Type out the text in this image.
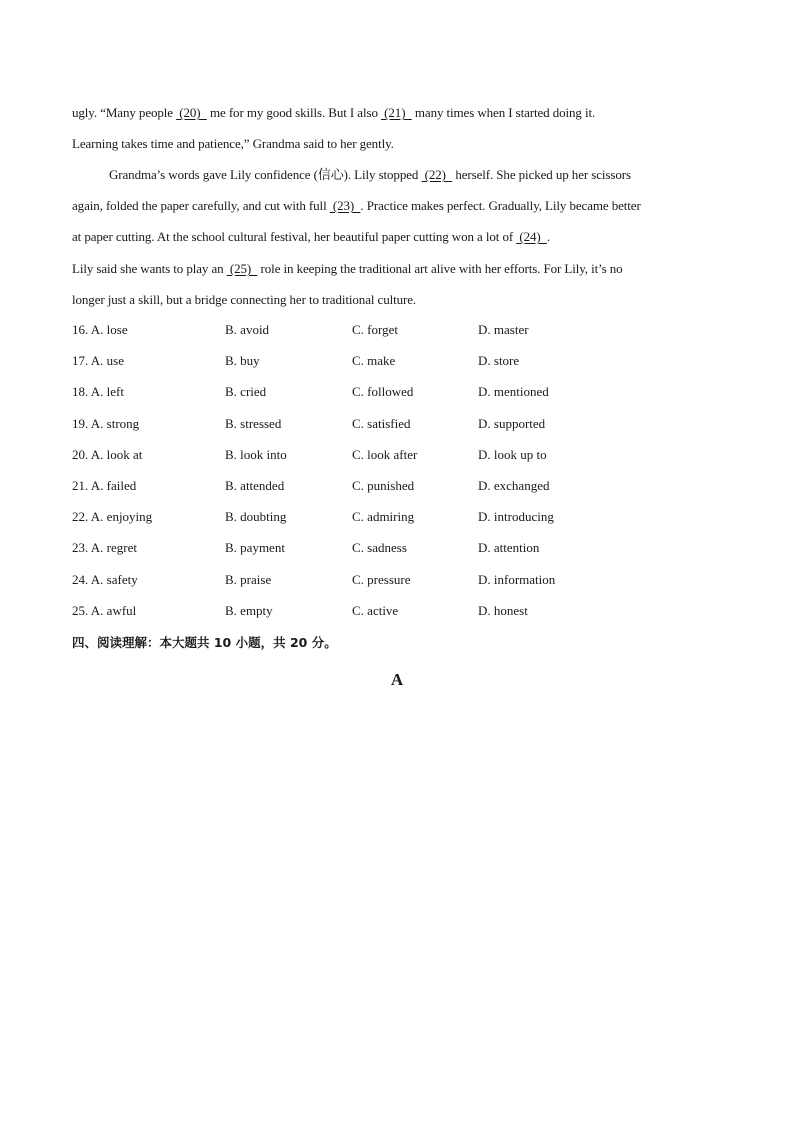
ugly. “Many people  (20)   me for my good skills. But I also  (21)   many times when I started doing it.
Learning takes time and patience,” Grandma said to her gently.
Grandma’s words gave Lily confidence (信心). Lily stopped  (22)   herself. She picked up her scissors
again, folded the paper carefully, and cut with full  (23)  . Practice makes perfect. Gradually, Lily became better
at paper cutting. At the school cultural festival, her beautiful paper cutting won a lot of  (24)  .
Lily said she wants to play an  (25)   role in keeping the traditional art alive with her efforts. For Lily, it’s no
longer just a skill, but a bridge connecting her to traditional culture.
16. A. lose	B. avoid	C. forget	D. master
17. A. use	B. buy	C. make	D. store
18. A. left	B. cried	C. followed	D. mentioned
19. A. strong	B. stressed	C. satisfied	D. supported
20. A. look at	B. look into	C. look after	D. look up to
21. A. failed	B. attended	C. punished	D. exchanged
22. A. enjoying	B. doubting	C. admiring	D. introducing
23. A. regret	B. payment	C. sadness	D. attention
24. A. safety	B. praise	C. pressure	D. information
25. A. awful	B. empty	C. active	D. honest
四、阅读理解：本大题共 10 小题，共 20 分。
A
